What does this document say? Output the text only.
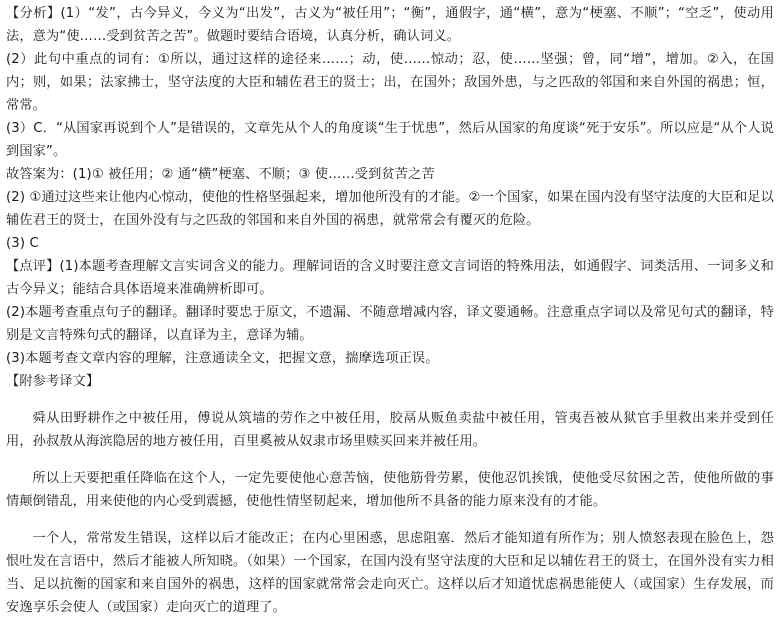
【分析】(1）“发”，古今异义，今义为“出发”，古义为“被任用”；“衡”，通假字，通“横”，意为“梗塞、不顺”；“空乏”，使动用法，意为“使……受到贫苦之苦”。做题时要结合语境，认真分析，确认词义。

(2）此句中重点的词有：①所以，通过这样的途径来……；动，使……惊动；忍，使……坚强；曾，同“增”，增加。②入，在国内；则，如果；法家拂士，坚守法度的大臣和辅佐君王的贤士；出，在国外；敌国外患，与之匹敌的邻国和来自外国的祸患；恒，常常。

(3）C．“从国家再说到个人”是错误的，文章先从个人的角度谈“生于忧患”，然后从国家的角度谈“死于安乐”。所以应是“从个人说到国家”。

故答案为：(1)① 被任用；② 通“横”梗塞、不顺；③ 使……受到贫苦之苦

(2) ①通过这些来让他内心惊动，使他的性格坚强起来，增加他所没有的才能。②一个国家，如果在国内没有坚守法度的大臣和足以辅佐君王的贤士，在国外没有与之匹敌的邻国和来自外国的祸患，就常常会有覆灭的危险。

(3) C

【点评】(1)本题考查理解文言实词含义的能力。理解词语的含义时要注意文言词语的特殊用法，如通假字、词类活用、一词多义和古今异义；能结合具体语境来准确辨析即可。

(2)本题考查重点句子的翻译。翻译时要忠于原文，不遗漏、不随意增减内容，译文要通畅。注意重点字词以及常见句式的翻译，特别是文言特殊句式的翻译，以直译为主，意译为辅。

(3)本题考查文章内容的理解，注意通读全文，把握文意，揣摩选项正误。

【附参考译文】

舜从田野耕作之中被任用，傅说从筑墙的劳作之中被任用，胶鬲从贩鱼卖盐中被任用，管夷吾被从狱官手里救出来并受到任用，孙叔敖从海滨隐居的地方被任用，百里奚被从奴隶市场里赎买回来并被任用。

所以上天要把重任降临在这个人，一定先要使他心意苦恼，使他筋骨劳累，使他忍饥挨饿，使他受尽贫困之苦，使他所做的事情颠倒错乱，用来使他的内心受到震撼，使他性情坚韧起来，增加他所不具备的能力原来没有的才能。

一个人，常常发生错误，这样以后才能改正；在内心里困惑，思虑阻塞．然后才能知道有所作为；别人愤怒表现在脸色上，怨恨吐发在言语中，然后才能被人所知晓。（如果）一个国家，在国内没有坚守法度的大臣和足以辅佐君王的贤士，在国外没有实力相当、足以抗衡的国家和来自国外的祸患，这样的国家就常常会走向灭亡。这样以后才知道忧虑祸患能使人（或国家）生存发展，而安逸享乐会使人（或国家）走向灭亡的道理了。
